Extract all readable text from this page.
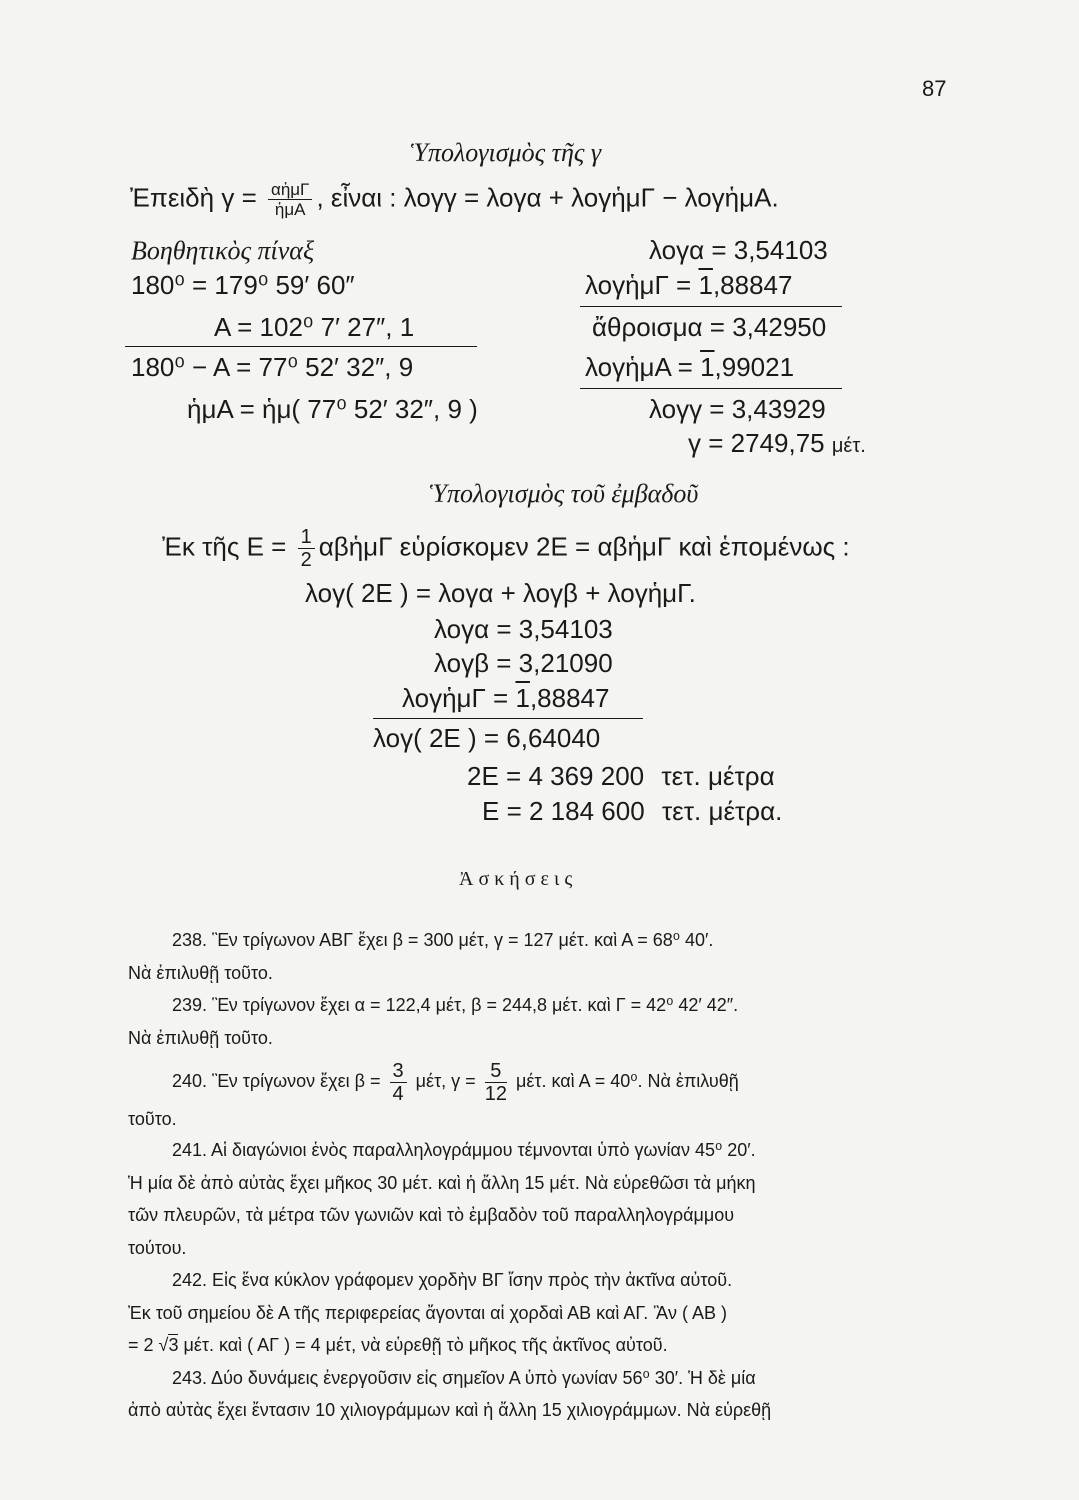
87
Ὑπολογισμὸς τῆς γ
Ἐπειδὴ $\gamma = \frac{\text{αἡμΓ}}{\text{ἡμΑ}}$ , εἶναι : λογγ = λογα + λογἡμΓ − λογἡμΑ.
Βοηθητικὸς πίναξ
180⁰ = 179⁰ 59′ 60″
Α = 102⁰ 7′ 27″, 1
180⁰ − Α = 77⁰ 52′ 32″, 9
ἡμΑ = ἡμ( 77⁰ 52′ 32″, 9 )
λογα = 3,54103
λογἡμΓ = 1,88847
ἄθροισμα = 3,42950
λογἡμΑ = 1,99021
λογγ = 3,43929
γ = 2749,75 μέτ.
Ὑπολογισμὸς τοῦ ἐμβαδοῦ
Ἐκ τῆς $E = \frac{1}{2}$ αβἡμΓ εὑρίσκομεν 2Ε = αβἡμΓ καὶ ἑπομένως :
λογ( 2Ε ) = λογα + λογβ + λογἡμΓ.
λογα = 3,54103
λογβ = 3,21090
λογἡμΓ = 1,88847
λογ( 2Ε ) = 6,64040
2Ε = 4 369 200 τετ. μέτρα
Ε = 2 184 600 τετ. μέτρα.
Ἀσκήσεις
238. Ἓν τρίγωνον ΑΒΓ ἔχει β = 300 μέτ, γ = 127 μέτ. καὶ Α = 68⁰ 40′.
Νὰ ἐπιλυθῇ τοῦτο.
239. Ἓν τρίγωνον ἔχει α = 122,4 μέτ, β = 244,8 μέτ. καὶ Γ = 42⁰ 42′ 42″.
Νὰ ἐπιλυθῇ τοῦτο.
240. Ἓν τρίγωνον ἔχει $\beta = \frac{3}{4} \mu έ\tau$, $\gamma = \frac{5}{12} \mu έ\tau$. καὶ Α = 40⁰. Νὰ ἐπιλυθῇ
τοῦτο.
241. Αἱ διαγώνιοι ἑνὸς παραλληλογράμμου τέμνονται ὑπὸ γωνίαν 45⁰ 20′.
Ἡ μία δὲ ἀπὸ αὐτὰς ἔχει μῆκος 30 μέτ. καὶ ἡ ἄλλη 15 μέτ. Νὰ εὑρεθῶσι τὰ μήκη
τῶν πλευρῶν, τὰ μέτρα τῶν γωνιῶν καὶ τὸ ἐμβαδὸν τοῦ παραλληλογράμμου
τούτου.
242. Εἰς ἕνα κύκλον γράφομεν χορδὴν ΒΓ ἴσην πρὸς τὴν ἀκτῖνα αὐτοῦ.
Ἐκ τοῦ σημείου δὲ Α τῆς περιφερείας ἄγονται αἱ χορδαὶ ΑΒ καὶ ΑΓ. Ἂν ( ΑΒ )
= 2 √3 μέτ. καὶ ( ΑΓ ) = 4 μέτ, νὰ εὑρεθῇ τὸ μῆκος τῆς ἀκτῖνος αὐτοῦ.
243. Δύο δυνάμεις ἐνεργοῦσιν εἰς σημεῖον Α ὑπὸ γωνίαν 56⁰ 30′. Ἡ δὲ μία
ἀπὸ αὐτὰς ἔχει ἔντασιν 10 χιλιογράμμων καὶ ἡ ἄλλη 15 χιλιογράμμων. Νὰ εὑρεθῇ
